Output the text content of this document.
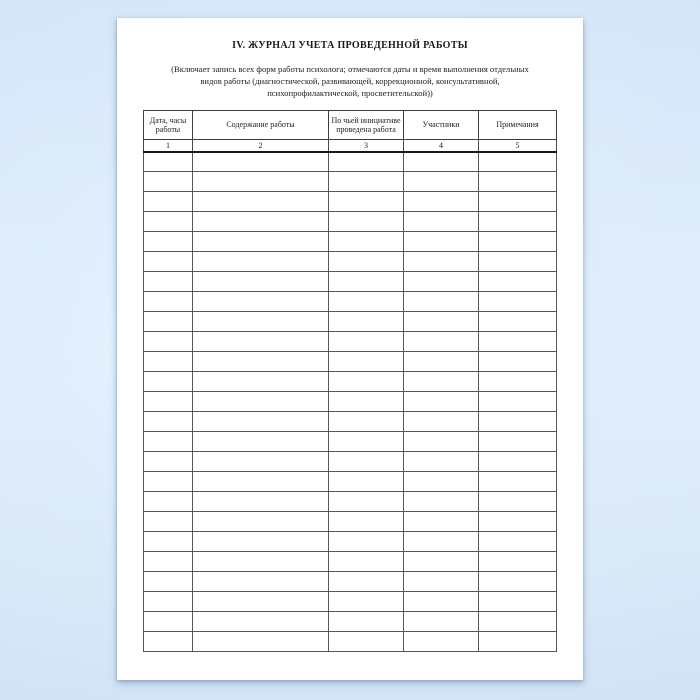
IV. ЖУРНАЛ УЧЕТА ПРОВЕДЕННОЙ РАБОТЫ
(Включает запись всех форм работы психолога; отмечаются даты и время выполнения отдельных
видов работы (диагностической, развивающей, коррекционной, консультативной,
психопрофилактической, просветительской))
Дата, часы работы	Содержание работы	По чьей инициативе проведена работа	Участники	Примечания
1	2	3	4	5
